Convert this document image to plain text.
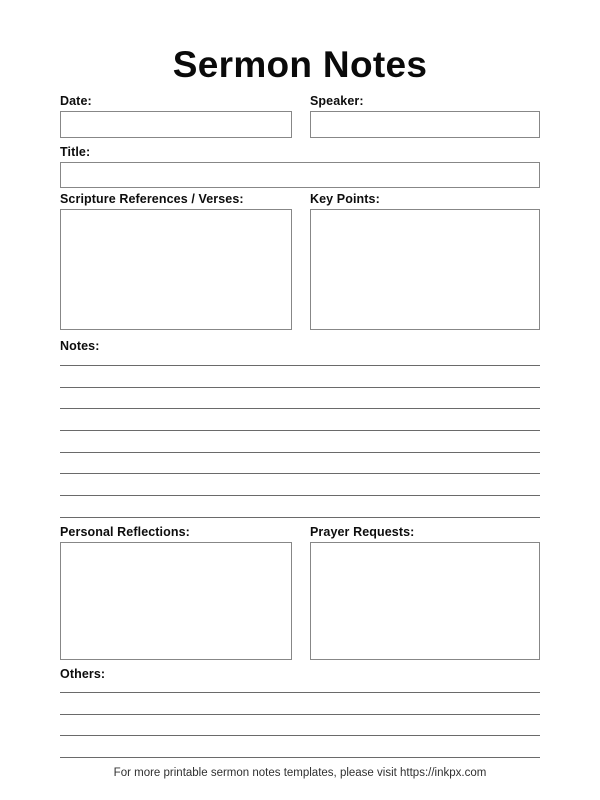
Sermon Notes
Date:	Speaker:
Title:
Scripture References / Verses:	Key Points:
Notes:
Personal Reflections:	Prayer Requests:
Others:
For more printable sermon notes templates, please visit https://inkpx.com
